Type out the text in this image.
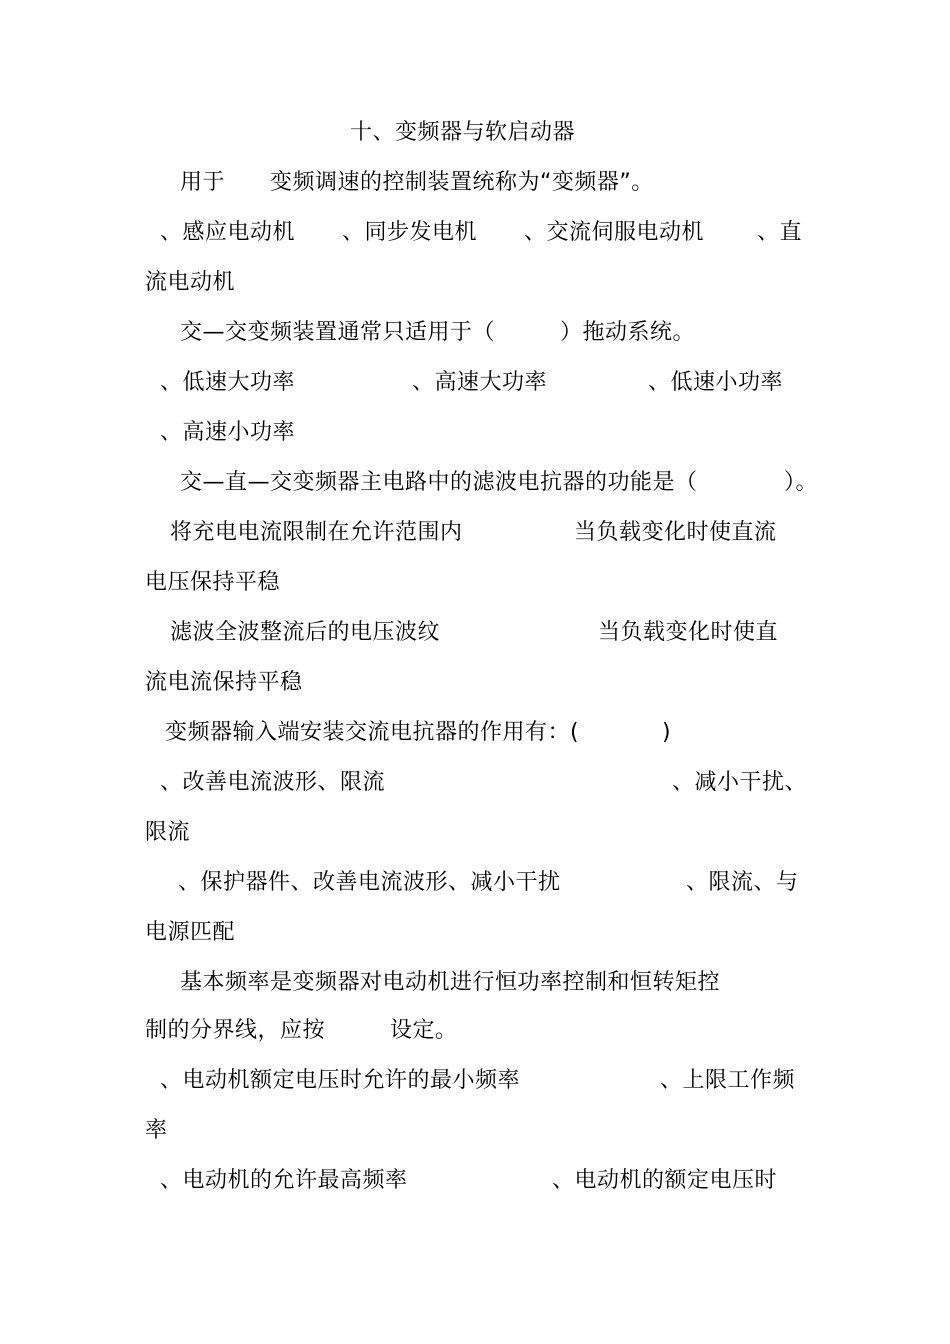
十、变频器与软启动器
用于 变频调速的控制装置统称为“变频器”。
、感应电动机 、同步发电机 、交流伺服电动机 、直
流电动机
交—交变频装置通常只适用于（	）拖动系统。
、低速大功率	、高速大功率	、低速小功率
、高速小功率
交—直—交变频器主电路中的滤波电抗器的功能是（	）。
将充电电流限制在允许范围内	当负载变化时使直流
电压保持平稳
滤波全波整流后的电压波纹	当负载变化时使直
流电流保持平稳
变频器输入端安装交流电抗器的作用有：(	)
、改善电流波形、限流	、减小干扰、
限流
、保护器件、改善电流波形、减小干扰	、限流、与
电源匹配
基本频率是变频器对电动机进行恒功率控制和恒转矩控
制的分界线，应按	设定。
、电动机额定电压时允许的最小频率	、上限工作频
率
、电动机的允许最高频率	、电动机的额定电压时
